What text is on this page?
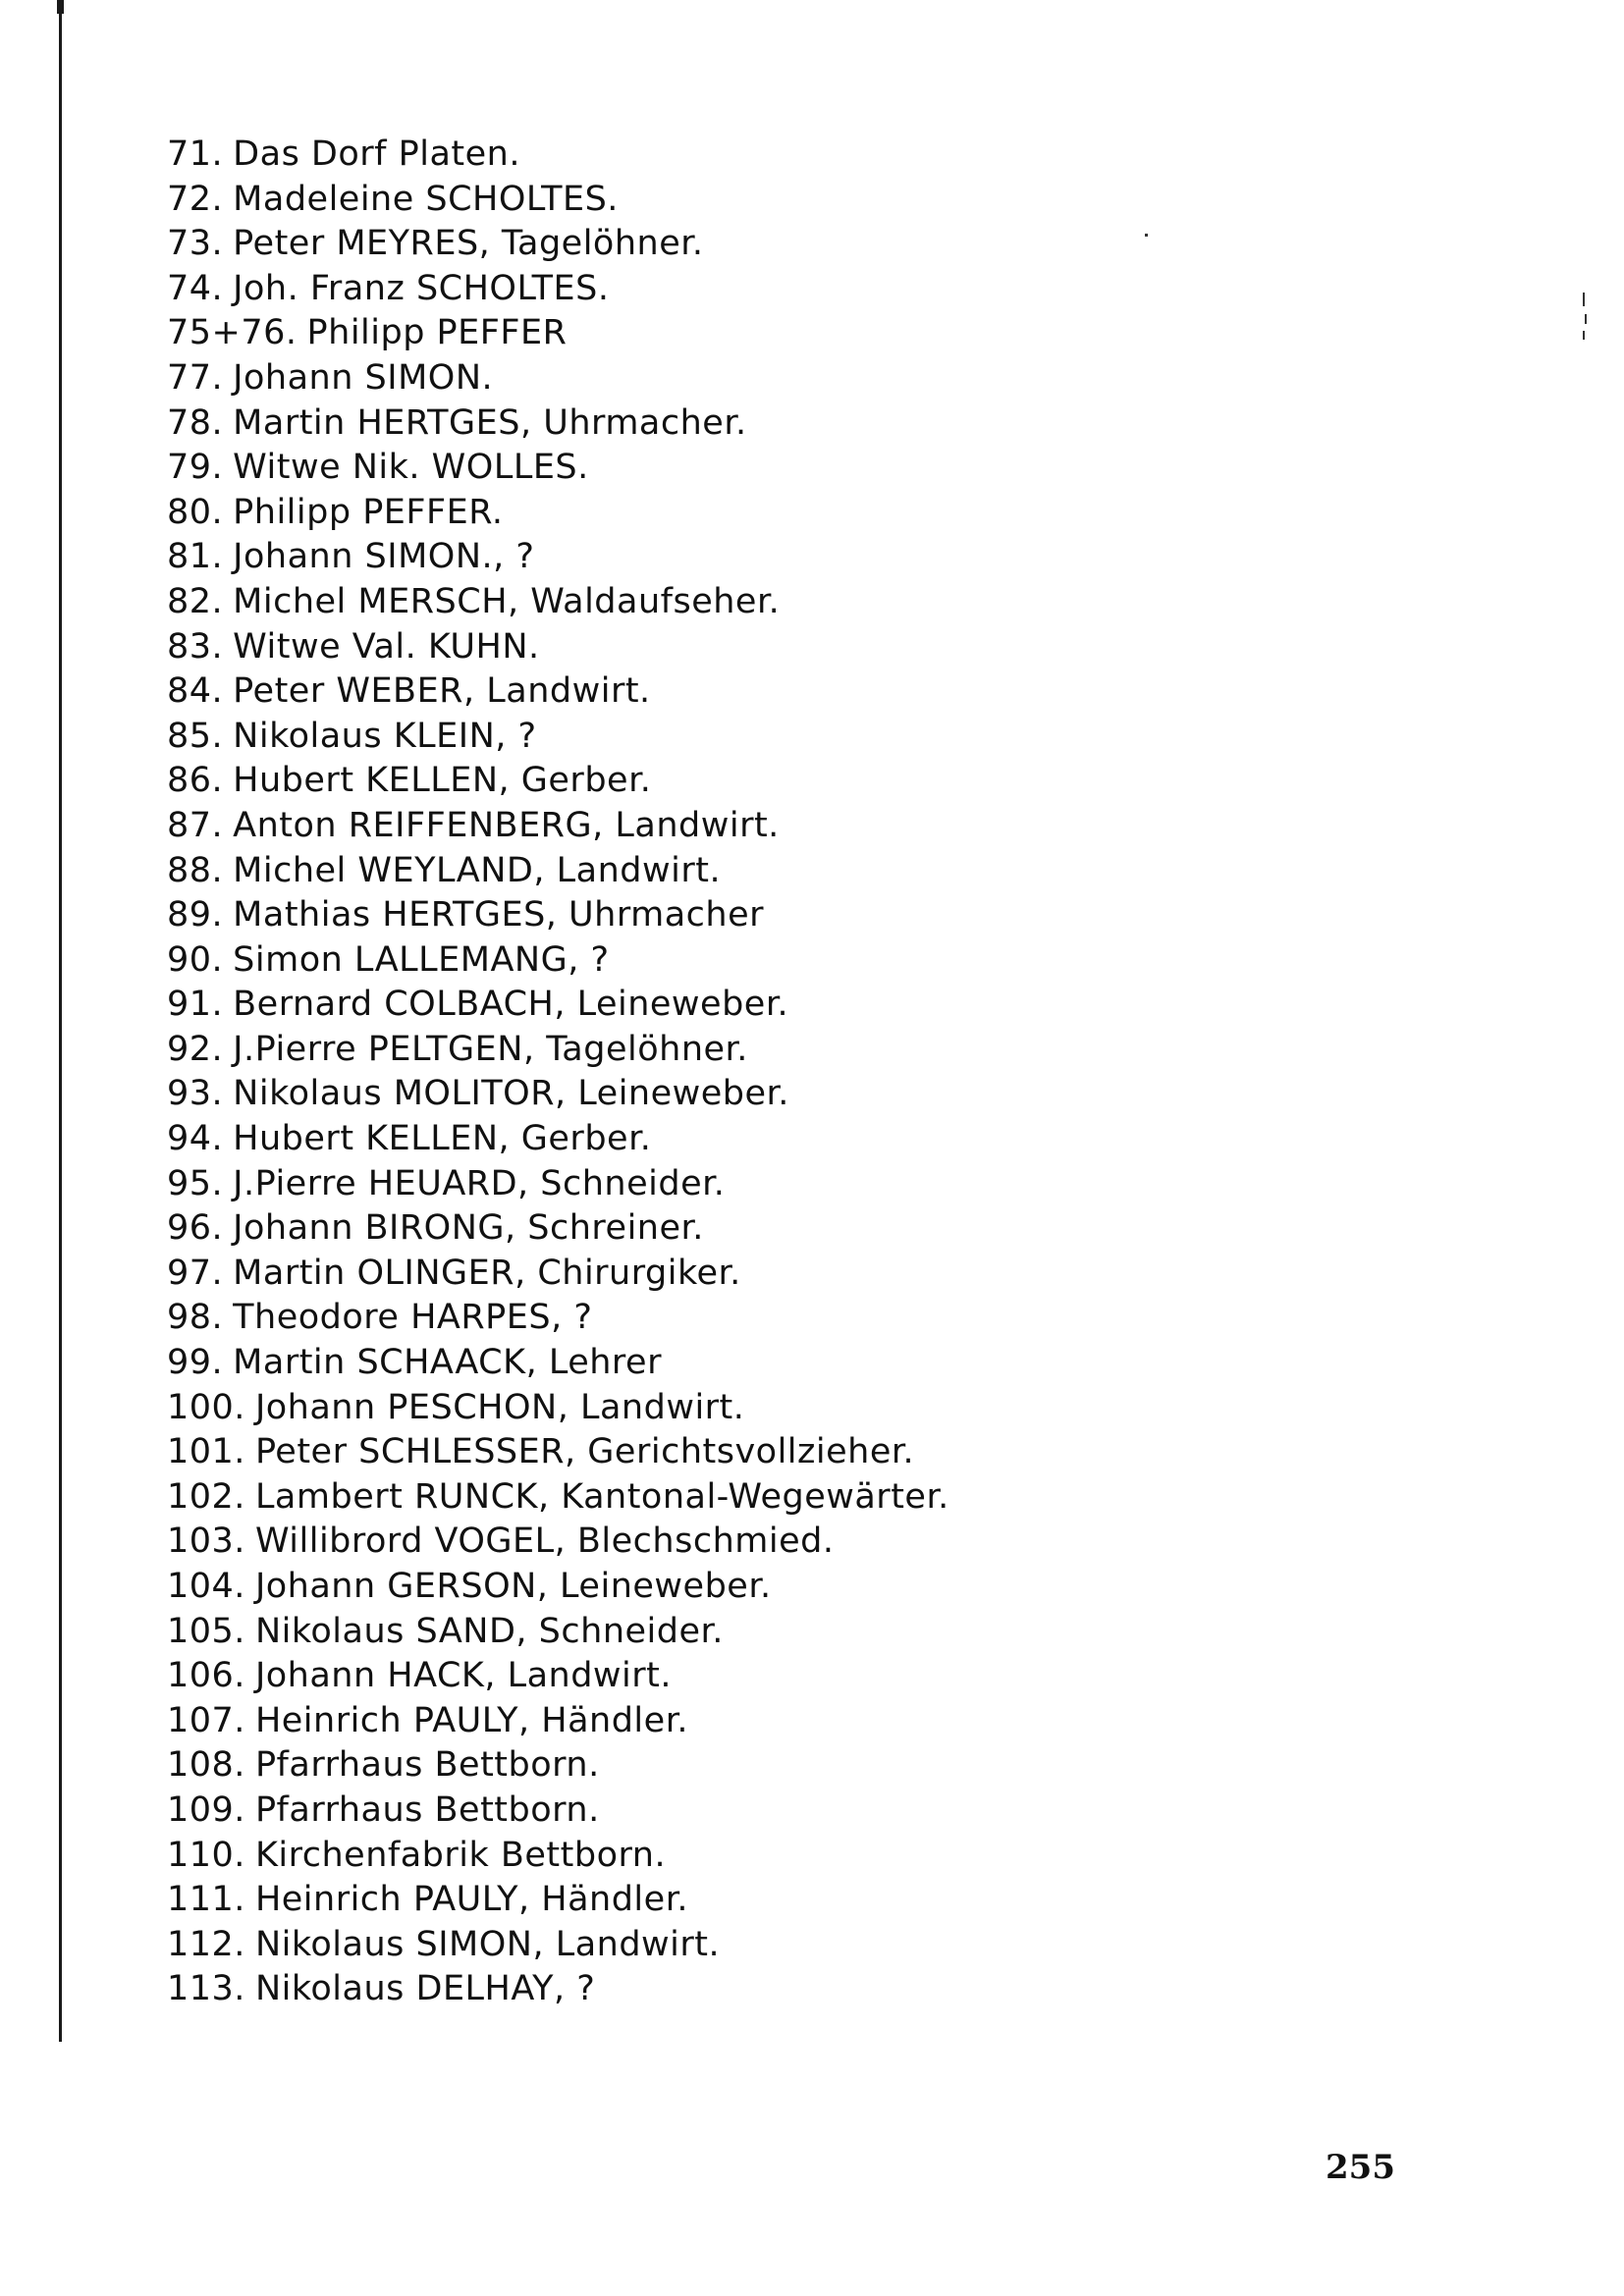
71. Das Dorf Platen.
72. Madeleine SCHOLTES.
73. Peter MEYRES, Tagelöhner.
74. Joh. Franz SCHOLTES.
75+76. Philipp PEFFER
77. Johann SIMON.
78. Martin HERTGES, Uhrmacher.
79. Witwe Nik. WOLLES.
80. Philipp PEFFER.
81. Johann SIMON., ?
82. Michel MERSCH, Waldaufseher.
83. Witwe Val. KUHN.
84. Peter WEBER, Landwirt.
85. Nikolaus KLEIN, ?
86. Hubert KELLEN, Gerber.
87. Anton REIFFENBERG, Landwirt.
88. Michel WEYLAND, Landwirt.
89. Mathias HERTGES, Uhrmacher
90. Simon LALLEMANG, ?
91. Bernard COLBACH, Leineweber.
92. J.Pierre PELTGEN, Tagelöhner.
93. Nikolaus MOLITOR, Leineweber.
94. Hubert KELLEN, Gerber.
95. J.Pierre HEUARD, Schneider.
96. Johann BIRONG, Schreiner.
97. Martin OLINGER, Chirurgiker.
98. Theodore HARPES, ?
99. Martin SCHAACK, Lehrer
100. Johann PESCHON, Landwirt.
101. Peter SCHLESSER, Gerichtsvollzieher.
102. Lambert RUNCK, Kantonal-Wegewärter.
103. Willibrord VOGEL, Blechschmied.
104. Johann GERSON, Leineweber.
105. Nikolaus SAND, Schneider.
106. Johann HACK, Landwirt.
107. Heinrich PAULY, Händler.
108. Pfarrhaus Bettborn.
109. Pfarrhaus Bettborn.
110. Kirchenfabrik Bettborn.
111. Heinrich PAULY, Händler.
112. Nikolaus SIMON, Landwirt.
113. Nikolaus DELHAY, ?
255
